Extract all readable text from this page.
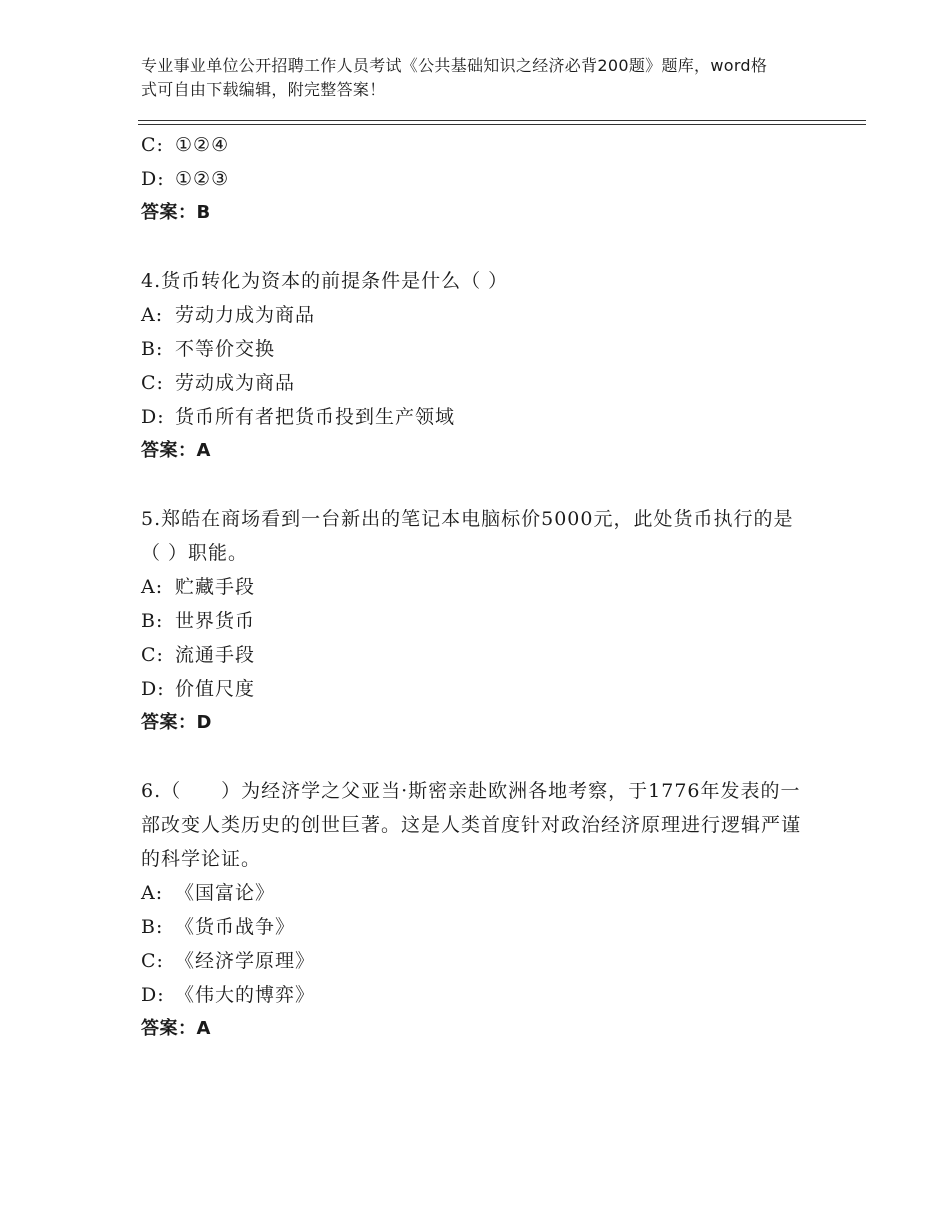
专业事业单位公开招聘工作人员考试《公共基础知识之经济必背200题》题库，word格式可自由下载编辑，附完整答案！
C: ①②④
D: ①②③
答案：B
4.货币转化为资本的前提条件是什么（ ）
A: 劳动力成为商品
B: 不等价交换
C: 劳动成为商品
D: 货币所有者把货币投到生产领域
答案：A
5.郑皓在商场看到一台新出的笔记本电脑标价5000元，此处货币执行的是（ ）职能。
A: 贮藏手段
B: 世界货币
C: 流通手段
D: 价值尺度
答案：D
6.（　　）为经济学之父亚当·斯密亲赴欧洲各地考察，于1776年发表的一部改变人类历史的创世巨著。这是人类首度针对政治经济原理进行逻辑严谨的科学论证。
A: 《国富论》
B: 《货币战争》
C: 《经济学原理》
D: 《伟大的博弈》
答案：A
